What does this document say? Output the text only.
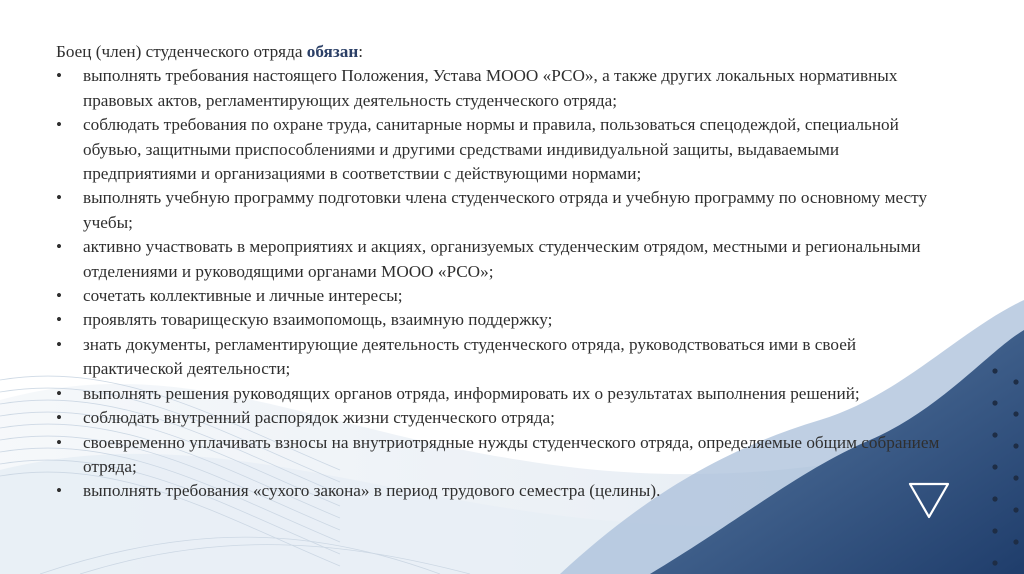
Боец (член) студенческого отряда обязан:

•	выполнять требования настоящего Положения, Устава МООО «РСО», а также других локальных нормативных правовых актов, регламентирующих деятельность студенческого отряда;
•	соблюдать требования по охране труда, санитарные нормы и правила, пользоваться спецодеждой, специальной обувью, защитными приспособлениями и другими средствами индивидуальной защиты, выдаваемыми предприятиями и организациями в соответствии с действующими нормами;
•	выполнять учебную программу подготовки члена студенческого отряда и учебную программу по основному месту учебы;
•	активно участвовать в мероприятиях и акциях, организуемых студенческим отрядом, местными и региональными отделениями и руководящими органами МООО «РСО»;
•	сочетать коллективные и личные интересы;
•	проявлять товарищескую взаимопомощь, взаимную поддержку;
•	знать документы, регламентирующие деятельность студенческого отряда, руководствоваться ими в своей практической деятельности;
•	выполнять решения руководящих органов отряда, информировать их о результатах выполнения решений;
•	соблюдать внутренний распорядок жизни студенческого отряда;
•	своевременно уплачивать взносы на внутриотрядные нужды студенческого отряда, определяемые общим собранием отряда;
•	выполнять требования «сухого закона» в период трудового семестра (целины).
